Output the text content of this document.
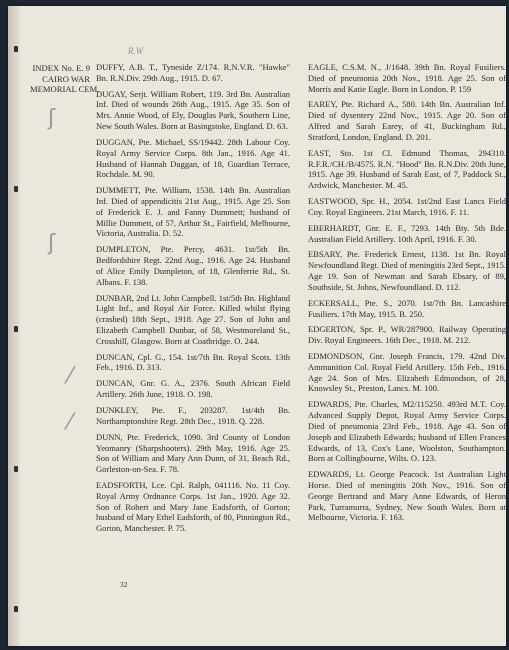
INDEX No. E. 9
CAIRO WAR
MEMORIAL CEM.
R.W
ʃ
ʃ
⁄
⁄

DUFFY, A.B. T., Tyneside Z/174. R.N.V.R. "Hawke" Bn. R.N.Div. 29th Aug., 1915. D. 67.

DUGAY, Serjt. William Robert, 119. 3rd Bn. Australian Inf. Died of wounds 26th Aug., 1915. Age 35. Son of Mrs. Annie Wood, of Ely, Douglas Park, Southern Line, New South Wales. Born at Basingstoke, England. D. 63.

DUGGAN, Pte. Michael, SS/19442. 28th Labour Coy. Royal Army Service Corps. 8th Jan., 1916. Age 41. Husband of Hannah Duggan, of 18, Guardian Terrace, Rochdale. M. 90.

DUMMETT, Pte. William, 1538. 14th Bn. Australian Inf. Died of appendicitis 21st Aug., 1915. Age 25. Son of Frederick E. J. and Fanny Dummett; husband of Millie Dummett, of 57, Arthur St., Fairfield, Melbourne, Victoria, Australia. D. 52.

DUMPLETON, Pte. Percy, 4631. 1st/5th Bn. Bedfordshire Regt. 22nd Aug., 1916. Age 24. Husband of Alice Emily Dumpleton, of 18, Glenferrie Rd., St. Albans. F. 138.

DUNBAR, 2nd Lt. John Campbell. 1st/5th Bn. Highland Light Inf., and Royal Air Force. Killed whilst flying (crashed) 18th Sept., 1918. Age 27. Son of John and Elizabeth Campbell Dunbar, of 58, Westmoreland St., Crosshill, Glasgow. Born at Coatbridge. O. 244.

DUNCAN, Cpl. G., 154. 1st/7th Bn. Royal Scots. 13th Feb., 1916. D. 313.

DUNCAN, Gnr. G. A., 2376. South African Field Artillery. 26th June, 1918. O. 198.

DUNKLEY, Pte. F., 203287. 1st/4th Bn. Northamptonshire Regt. 28th Dec., 1918. Q. 228.

DUNN, Pte. Frederick, 1090. 3rd County of London Yeomanry (Sharpshooters). 29th May, 1916. Age 25. Son of William and Mary Ann Dunn, of 31, Beach Rd., Gorleston-on-Sea. F. 78.

EADSFORTH, Lce. Cpl. Ralph, 041116. No. 11 Coy. Royal Army Ordnance Corps. 1st Jan., 1920. Age 32. Son of Robert and Mary Jane Eadsforth, of Gorton; husband of Mary Ethel Eadsforth, of 80, Pinnington Rd., Gorton, Manchester. P. 75.

EAGLE, C.S.M. N., J/1648. 39th Bn. Royal Fusiliers. Died of pneumonia 20th Nov., 1918. Age 25. Son of Morris and Katie Eagle. Born in London. P. 159

EAREY, Pte. Richard A., 580. 14th Bn. Australian Inf. Died of dysentery 22nd Nov., 1915. Age 20. Son of Alfred and Sarah Earey, of 41, Buckingham Rd., Stratford, London, England. D. 201.

EAST, Sto. 1st Cl. Edmund Thomas, 294310. R.F.R./CH./B/4575. R.N. "Hood" Bn. R.N.Div. 20th June, 1915. Age 39. Husband of Sarah East, of 7, Paddock St., Ardwick, Manchester. M. 45.

EASTWOOD, Spr. H., 2054. 1st/2nd East Lancs Field Coy. Royal Engineers. 21st March, 1916. F. 11.

EBERHARDT, Gnr. E. F., 7293. 14th Bty. 5th Bde. Australian Field Artillery. 10th April, 1916. F. 30.

EBSARY, Pte. Frederick Ernest, 1138. 1st Bn. Royal Newfoundland Regt. Died of meningitis 23rd Sept., 1915. Age 19. Son of Newman and Sarah Ebsary, of 89, Southside, St. Johns, Newfoundland. D. 112.

ECKERSALL, Pte. S., 2070. 1st/7th Bn. Lancashire Fusiliers. 17th May, 1915. B. 250.

EDGERTON, Spr. P., WR/287900. Railway Operating Div. Royal Engineers. 16th Dec., 1918. M. 212.

EDMONDSON, Gnr. Joseph Francis, 179. 42nd Div. Ammunition Col. Royal Field Artillery. 15th Feb., 1916. Age 24. Son of Mrs. Elizabeth Edmondson, of 28, Knowsley St., Preston, Lancs. M. 100.

EDWARDS, Pte. Charles, M2/115250. 493rd M.T. Coy. Advanced Supply Depot, Royal Army Service Corps. Died of pneumonia 23rd Feb., 1918. Age 43. Son of Joseph and Elizabeth Edwards; husband of Ellen Frances Edwards, of 13, Cox's Lane, Woolston, Southampton. Born at Collingbourne, Wilts. O. 123.

EDWARDS, Lt. George Peacock. 1st Australian Light Horse. Died of meningitis 20th Nov., 1916. Son of George Bertrand and Mary Anne Edwards, of Heron Park, Turramurra, Sydney, New South Wales. Born at Melbourne, Victoria. F. 163.

32
